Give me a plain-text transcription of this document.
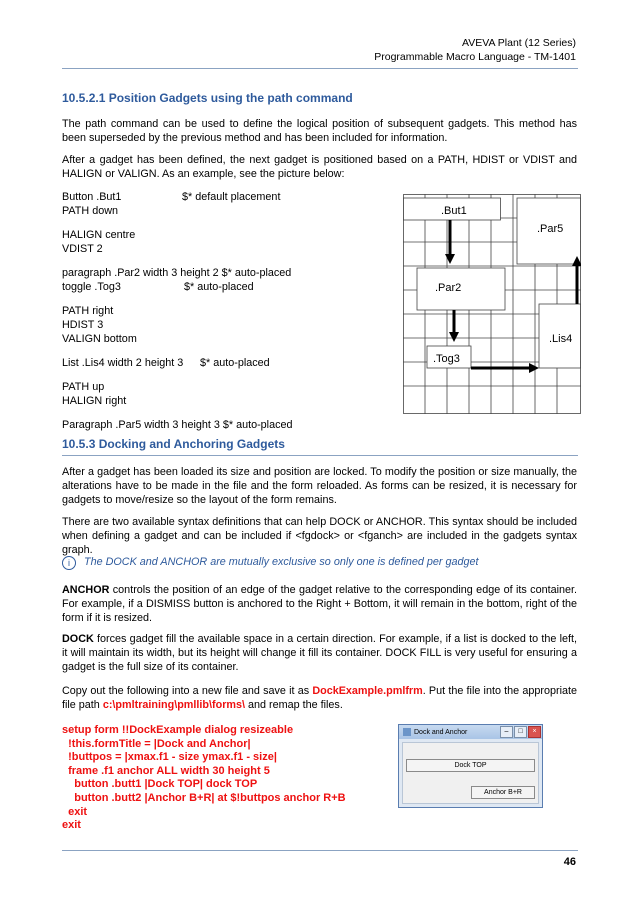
AVEVA Plant (12 Series)
Programmable Macro Language - TM-1401
10.5.2.1 Position Gadgets using the path command
The path command can be used to define the logical position of subsequent gadgets. This method has been superseded by the previous method and has been included for information.
After a gadget has been defined, the next gadget is positioned based on a PATH, HDIST or VDIST and HALIGN or VALIGN. As an example, see the picture below:
Button .But1	$* default placement
PATH down
HALIGN centre
VDIST 2
paragraph .Par2 width 3 height 2 $* auto-placed
toggle .Tog3	$* auto-placed
PATH right
HDIST 3
VALIGN bottom
List .Lis4 width 2 height 3 $* auto-placed
PATH up
HALIGN right
Paragraph .Par5 width 3 height 3 $* auto-placed
.But1
.Par5
.Par2
.Tog3
.Lis4
10.5.3 Docking and Anchoring Gadgets
After a gadget has been loaded its size and position are locked. To modify the position or size manually, the alterations have to be made in the file and the form reloaded. As forms can be resized, it is necessary for gadgets to move/resize so the layout of the form remains.
There are two available syntax definitions that can help DOCK or ANCHOR. This syntax should be included when defining a gadget and can be included if <fgdock> or <fganch> are included in the gadgets syntax graph.
i The DOCK and ANCHOR are mutually exclusive so only one is defined per gadget
ANCHOR controls the position of an edge of the gadget relative to the corresponding edge of its container. For example, if a DISMISS button is anchored to the Right + Bottom, it will remain in the bottom, right of the form if it is resized.
DOCK forces gadget fill the available space in a certain direction. For example, if a list is docked to the left, it will maintain its width, but its height will change it fill its container. DOCK FILL is very useful for ensuring a gadget is the full size of its container.
Copy out the following into a new file and save it as DockExample.pmlfrm. Put the file into the appropriate file path c:\pmltraining\pmllib\forms\ and remap the files.
setup form !!DockExample dialog resizeable
!this.formTitle = |Dock and Anchor|
!buttpos = |xmax.f1 - size ymax.f1 - size|
frame .f1 anchor ALL width 30 height 5
button .butt1 |Dock TOP| dock TOP
button .butt2 |Anchor B+R| at $!buttpos anchor R+B
exit
exit
Dock and Anchor	–	□	×
Dock TOP
Anchor B+R
46
